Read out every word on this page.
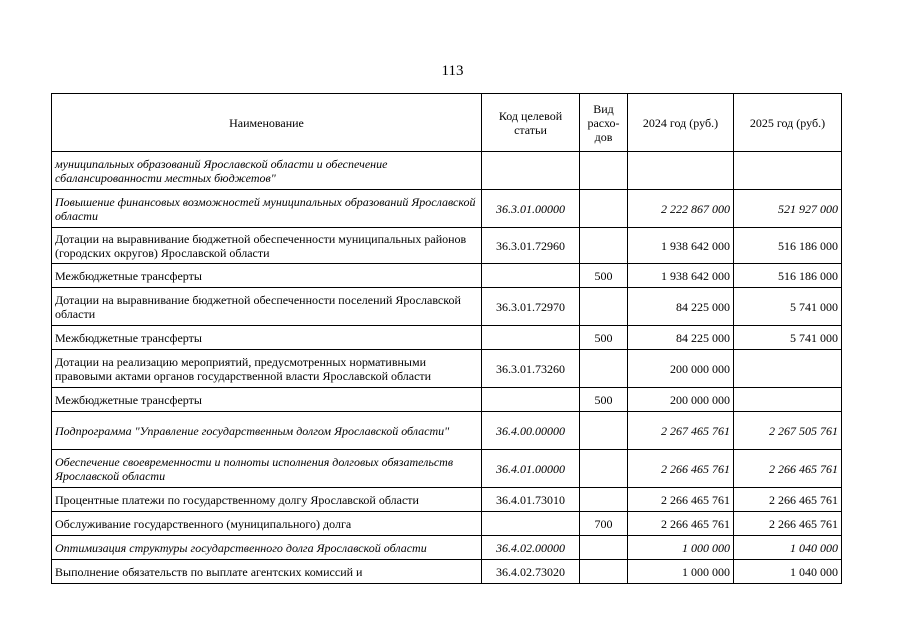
113
Наименование	Код целевой статьи	Вид расхо-дов	2024 год (руб.)	2025 год (руб.)
муниципальных образований Ярославской области и обеспечение сбалансированности местных бюджетов"				
Повышение финансовых возможностей муниципальных образований Ярославской области	36.3.01.00000		2 222 867 000	521 927 000
Дотации на выравнивание бюджетной обеспеченности муниципальных районов (городских округов) Ярославской области	36.3.01.72960		1 938 642 000	516 186 000
Межбюджетные трансферты		500	1 938 642 000	516 186 000
Дотации на выравнивание бюджетной обеспеченности поселений Ярославской области	36.3.01.72970		84 225 000	5 741 000
Межбюджетные трансферты		500	84 225 000	5 741 000
Дотации на реализацию мероприятий, предусмотренных нормативными правовыми актами органов государственной власти Ярославской области	36.3.01.73260		200 000 000	
Межбюджетные трансферты		500	200 000 000	
Подпрограмма "Управление государственным долгом Ярославской области"	36.4.00.00000		2 267 465 761	2 267 505 761
Обеспечение своевременности и полноты исполнения долговых обязательств Ярославской области	36.4.01.00000		2 266 465 761	2 266 465 761
Процентные платежи по государственному долгу Ярославской области	36.4.01.73010		2 266 465 761	2 266 465 761
Обслуживание государственного (муниципального) долга		700	2 266 465 761	2 266 465 761
Оптимизация структуры государственного долга Ярославской области	36.4.02.00000		1 000 000	1 040 000
Выполнение обязательств по выплате агентских комиссий и	36.4.02.73020		1 000 000	1 040 000
